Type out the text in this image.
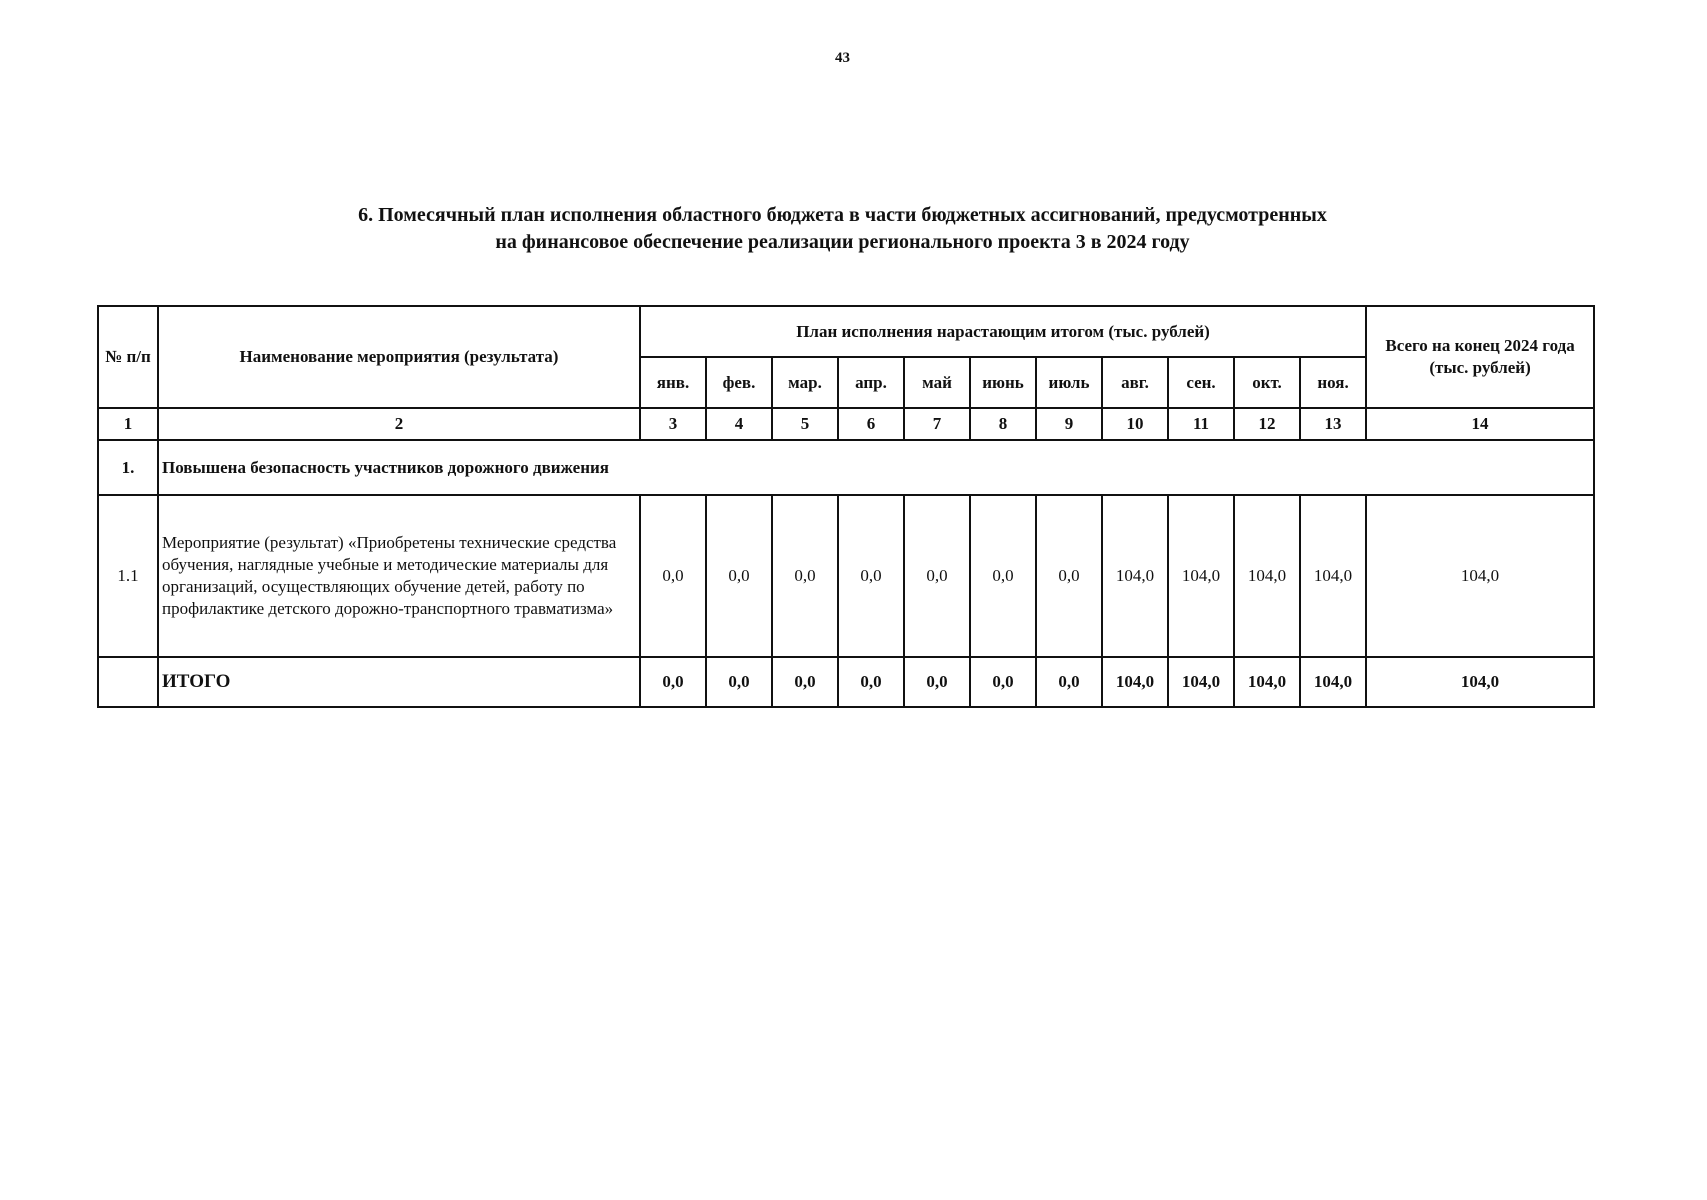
43
6. Помесячный план исполнения областного бюджета в части бюджетных ассигнований, предусмотренных
на финансовое обеспечение реализации регионального проекта 3 в 2024 году
№ п/п	Наименование мероприятия (результата)	План исполнения нарастающим итогом (тыс. рублей)											Всего на конец 2024 года (тыс. рублей)
		янв.	фев.	мар.	апр.	май	июнь	июль	авг.	сен.	окт.	ноя.	
1	2	3	4	5	6	7	8	9	10	11	12	13	14
1.	Повышена безопасность участников дорожного движения												
1.1	Мероприятие (результат) «Приобретены технические средства обучения, наглядные учебные и методические материалы для организаций, осуществляющих обучение детей, работу по профилактике детского дорожно-транспортного травматизма»	0,0	0,0	0,0	0,0	0,0	0,0	0,0	104,0	104,0	104,0	104,0	104,0
	ИТОГО	0,0	0,0	0,0	0,0	0,0	0,0	0,0	104,0	104,0	104,0	104,0	104,0
